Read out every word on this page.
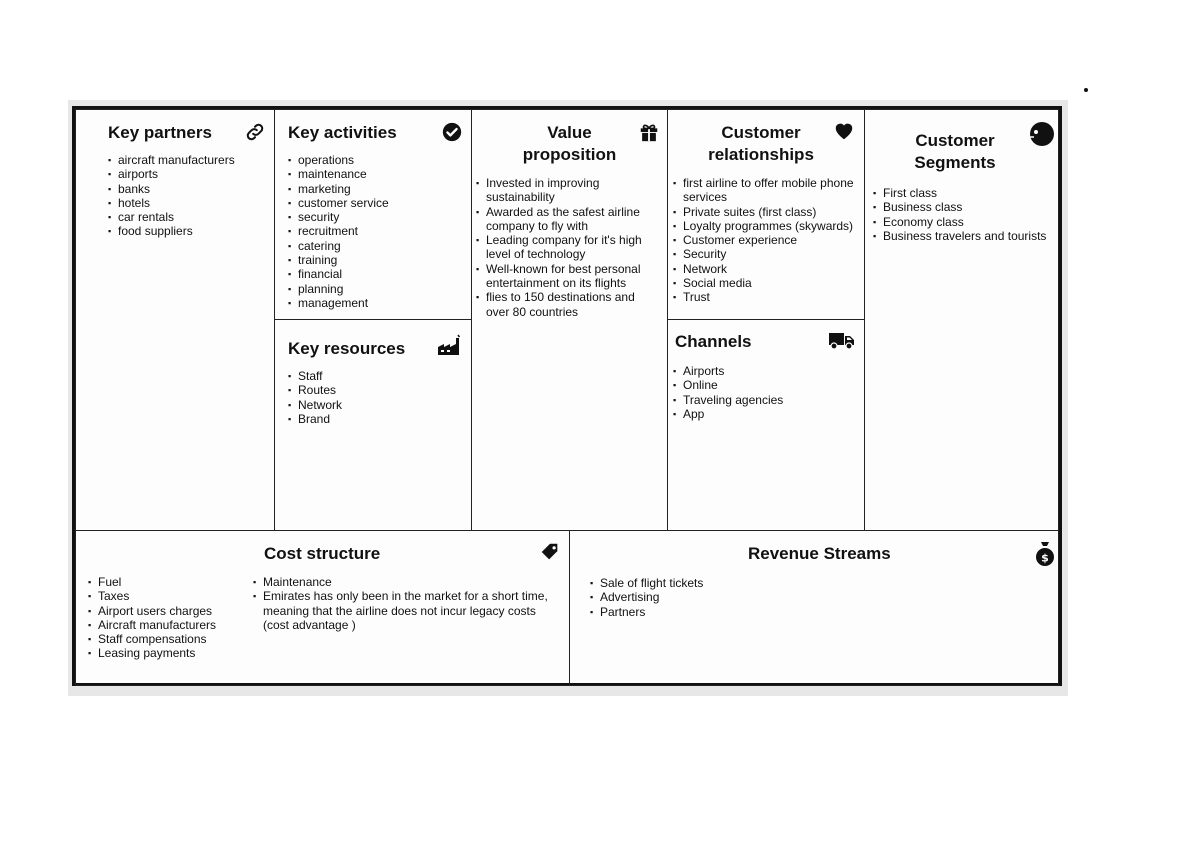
Key partners
▪ aircraft manufacturers
▪ airports
▪ banks
▪ hotels
▪ car rentals
▪ food suppliers
Key activities
▪ operations
▪ maintenance
▪ marketing
▪ customer service
▪ security
▪ recruitment
▪ catering
▪ training
▪ financial
▪ planning
▪ management
Key resources
▪ Staff
▪ Routes
▪ Network
▪ Brand
Value
proposition
▪ Invested in improving sustainability
▪ Awarded as the safest airline company to fly with
▪ Leading company for it's high level of technology
▪ Well-known for best personal entertainment on its flights
▪ flies to 150 destinations and over 80 countries
Customer
relationships
▪ first airline to offer mobile phone services
▪ Private suites (first class)
▪ Loyalty programmes (skywards)
▪ Customer experience
▪ Security
▪ Network
▪ Social media
▪ Trust
Channels
▪ Airports
▪ Online
▪ Traveling agencies
▪ App
Customer
Segments
▪ First class
▪ Business class
▪ Economy class
▪ Business travelers and tourists
Cost structure
▪ Fuel
▪ Taxes
▪ Airport users charges
▪ Aircraft manufacturers
▪ Staff compensations
▪ Leasing payments
▪ Maintenance
▪ Emirates has only been in the market for a short time, meaning that the airline does not incur legacy costs (cost advantage )
Revenue Streams	$
▪ Sale of flight tickets
▪ Advertising
▪ Partners
